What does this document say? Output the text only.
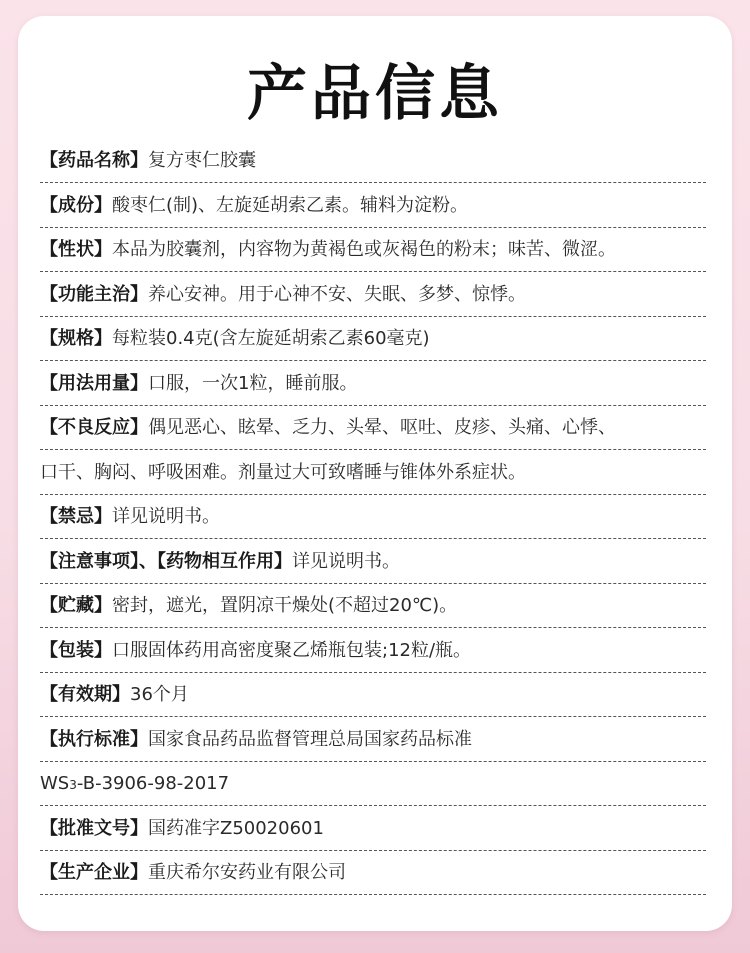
产品信息
【药品名称】复方枣仁胶囊
【成份】酸枣仁(制)、左旋延胡索乙素。辅料为淀粉。
【性状】本品为胶囊剂，内容物为黄褐色或灰褐色的粉末；味苦、微涩。
【功能主治】养心安神。用于心神不安、失眠、多梦、惊悸。
【规格】每粒装0.4克(含左旋延胡索乙素60毫克)
【用法用量】口服，一次1粒，睡前服。
【不良反应】偶见恶心、眩晕、乏力、头晕、呕吐、皮疹、头痛、心悸、
口干、胸闷、呼吸困难。剂量过大可致嗜睡与锥体外系症状。
【禁忌】详见说明书。
【注意事项】、【药物相互作用】详见说明书。
【贮藏】密封，遮光，置阴凉干燥处(不超过20℃)。
【包装】口服固体药用高密度聚乙烯瓶包装;12粒/瓶。
【有效期】36个月
【执行标准】国家食品药品监督管理总局国家药品标准
WS3-B-3906-98-2017
【批准文号】国药准字Z50020601
【生产企业】重庆希尔安药业有限公司
